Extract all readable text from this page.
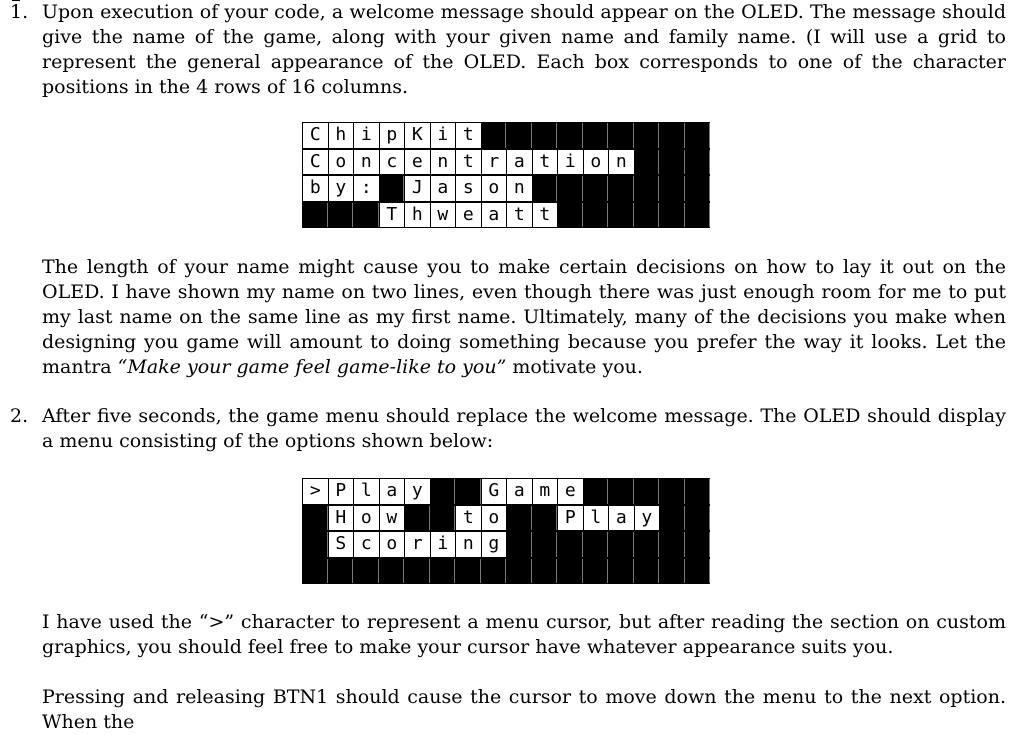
1. Upon execution of your code, a welcome message should appear on the OLED. The message should give the name of the game, along with your given name and family name. (I will use a grid to represent the general appearance of the OLED. Each box corresponds to one of the character positions in the 4 rows of 16 columns.
C h i p K i t
C o n c e n t r a t i o n
b y :	J a s o n
T h w e a t t
The length of your name might cause you to make certain decisions on how to lay it out on the OLED. I have shown my name on two lines, even though there was just enough room for me to put my last name on the same line as my first name. Ultimately, many of the decisions you make when designing you game will amount to doing something because you prefer the way it looks. Let the mantra “Make your game feel game-like to you” motivate you.
2. After five seconds, the game menu should replace the welcome message. The OLED should display a menu consisting of the options shown below:
> P l a y	G a m e
H o w	t o	P l a y
S c o r i n g
I have used the “>” character to represent a menu cursor, but after reading the section on custom graphics, you should feel free to make your cursor have whatever appearance suits you.
Pressing and releasing BTN1 should cause the cursor to move down the menu to the next option. When the
